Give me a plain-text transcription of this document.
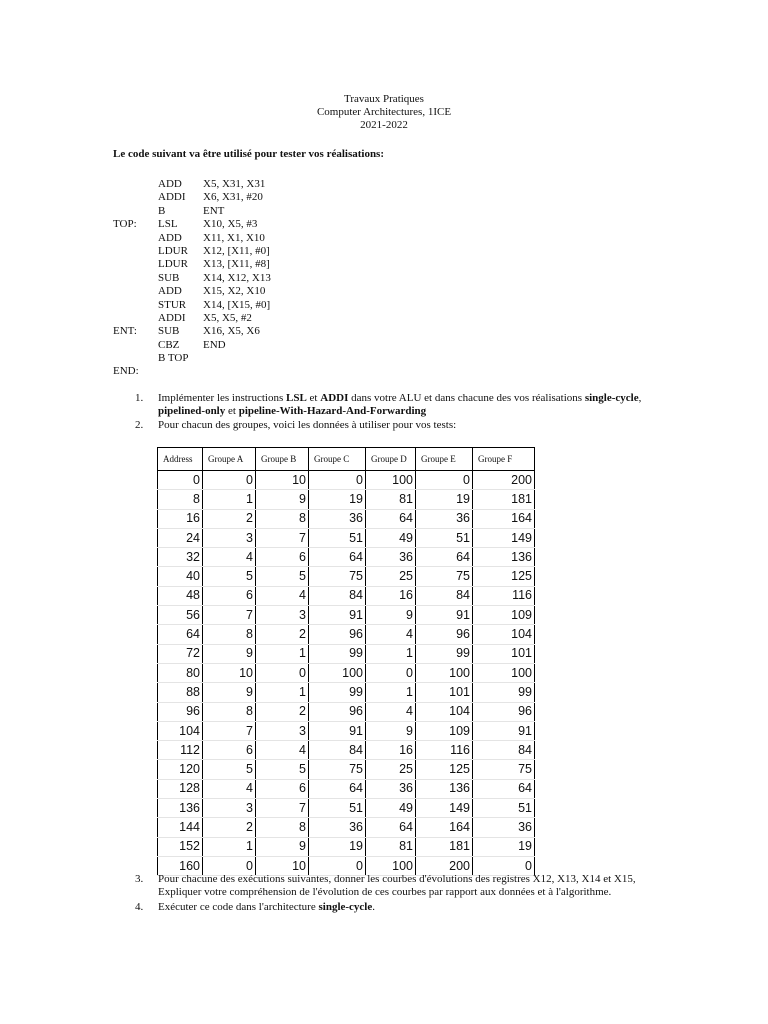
Travaux Pratiques
Computer Architectures, 1ICE
2021-2022
Le code suivant va être utilisé pour tester vos réalisations:
ADD X5, X31, X31
ADDI X6, X31, #20
B	ENT
TOP: LSL X10, X5, #3
ADD X11, X1, X10
LDUR X12, [X11, #0]
LDUR X13, [X11, #8]
SUB X14, X12, X13
ADD X15, X2, X10
STUR X14, [X15, #0]
ADDI X5, X5, #2
ENT: SUB X16, X5, X6
CBZ END
B TOP
END:
1. Implémenter les instructions LSL et ADDI dans votre ALU et dans chacune des vos réalisations single-cycle,
pipelined-only et pipeline-With-Hazard-And-Forwarding
2. Pour chacun des groupes, voici les données à utiliser pour vos tests:
Address	Groupe A	Groupe B	Groupe C	Groupe D	Groupe E	Groupe F
0	0	10	0	100	0	200
8	1	9	19	81	19	181
16	2	8	36	64	36	164
24	3	7	51	49	51	149
32	4	6	64	36	64	136
40	5	5	75	25	75	125
48	6	4	84	16	84	116
56	7	3	91	9	91	109
64	8	2	96	4	96	104
72	9	1	99	1	99	101
80	10	0	100	0	100	100
88	9	1	99	1	101	99
96	8	2	96	4	104	96
104	7	3	91	9	109	91
112	6	4	84	16	116	84
120	5	5	75	25	125	75
128	4	6	64	36	136	64
136	3	7	51	49	149	51
144	2	8	36	64	164	36
152	1	9	19	81	181	19
160	0	10	0	100	200	0
3. Pour chacune des exécutions suivantes, donner les courbes d'évolutions des registres X12, X13, X14 et X15,
Expliquer votre compréhension de l'évolution de ces courbes par rapport aux données et à l'algorithme.
4. Exécuter ce code dans l'architecture single-cycle.
